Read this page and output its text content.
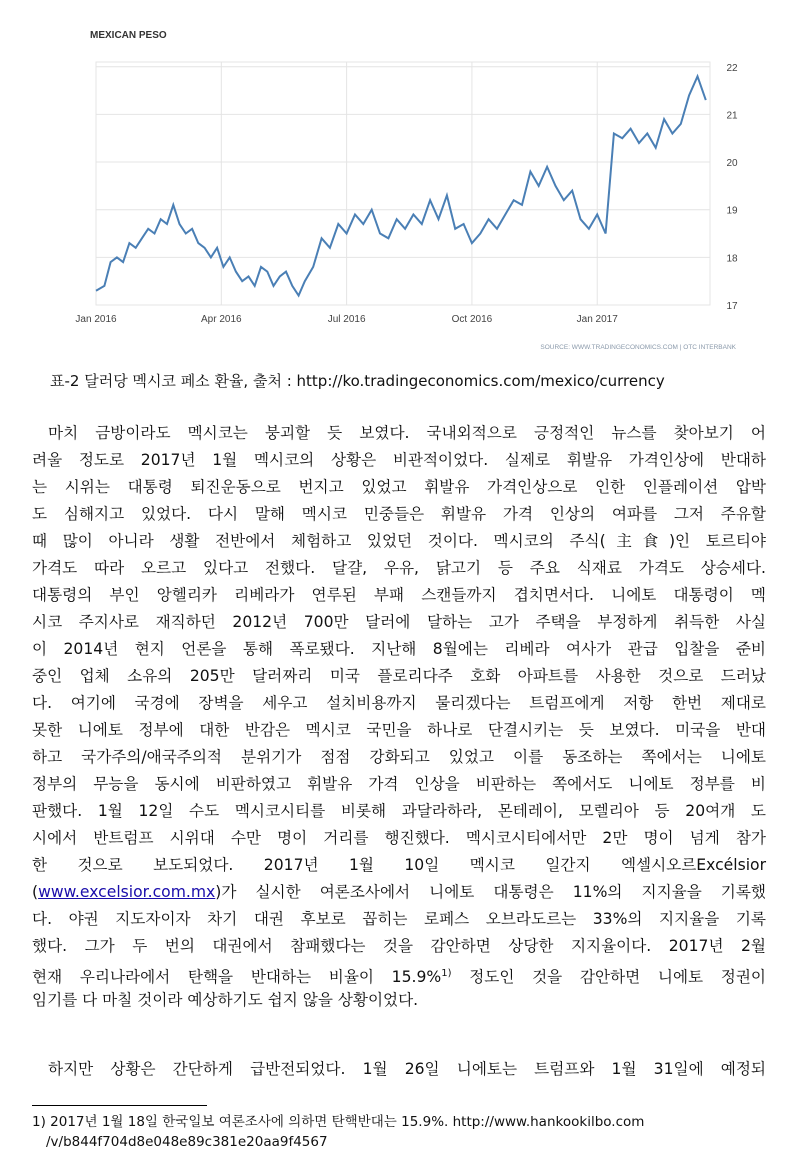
MEXICAN PESO
22
21
20
19
18
17
Jan 2016	Apr 2016	Jul 2016	Oct 2016	Jan 2017
SOURCE: WWW.TRADINGECONOMICS.COM | OTC INTERBANK
표-2 달러당 멕시코 페소 환율, 출처 : http://ko.tradingeconomics.com/mexico/currency
마치 금방이라도 멕시코는 붕괴할 듯 보였다. 국내외적으로 긍정적인 뉴스를 찾아보기 어
려울 정도로 2017년 1월 멕시코의 상황은 비관적이었다. 실제로 휘발유 가격인상에 반대하
는 시위는 대통령 퇴진운동으로 번지고 있었고 휘발유 가격인상으로 인한 인플레이션 압박
도 심해지고 있었다. 다시 말해 멕시코 민중들은 휘발유 가격 인상의 여파를 그저 주유할
때 많이 아니라 생활 전반에서 체험하고 있었던 것이다. 멕시코의 주식(主食)인 토르티야
가격도 따라 오르고 있다고 전했다. 달걀, 우유, 닭고기 등 주요 식재료 가격도 상승세다.
대통령의 부인 앙헬리카 리베라가 연루된 부패 스캔들까지 겹치면서다. 니에토 대통령이 멕
시코 주지사로 재직하던 2012년 700만 달러에 달하는 고가 주택을 부정하게 취득한 사실
이 2014년 현지 언론을 통해 폭로됐다. 지난해 8월에는 리베라 여사가 관급 입찰을 준비
중인 업체 소유의 205만 달러짜리 미국 플로리다주 호화 아파트를 사용한 것으로 드러났
다. 여기에 국경에 장벽을 세우고 설치비용까지 물리겠다는 트럼프에게 저항 한번 제대로
못한 니에토 정부에 대한 반감은 멕시코 국민을 하나로 단결시키는 듯 보였다. 미국을 반대
하고 국가주의/애국주의적 분위기가 점점 강화되고 있었고 이를 동조하는 쪽에서는 니에토
정부의 무능을 동시에 비판하였고 휘발유 가격 인상을 비판하는 쪽에서도 니에토 정부를 비
판했다. 1월 12일 수도 멕시코시티를 비롯해 과달라하라, 몬테레이, 모렐리아 등 20여개 도
시에서 반트럼프 시위대 수만 명이 거리를 행진했다. 멕시코시티에서만 2만 명이 넘게 참가
한 것으로 보도되었다. 2017년 1월 10일 멕시코 일간지 엑셀시오르Excélsior
(www.excelsior.com.mx)가 실시한 여론조사에서 니에토 대통령은 11%의 지지율을 기록했
다. 야권 지도자이자 차기 대권 후보로 꼽히는 로페스 오브라도르는 33%의 지지율을 기록
했다. 그가 두 번의 대권에서 참패했다는 것을 감안하면 상당한 지지율이다. 2017년 2월
현재 우리나라에서 탄핵을 반대하는 비율이 15.9%$^{1)}$ 정도인 것을 감안하면 니에토 정권이
임기를 다 마칠 것이라 예상하기도 쉽지 않을 상황이었다.
하지만 상황은 간단하게 급반전되었다. 1월 26일 니에토는 트럼프와 1월 31일에 예정되
1) 2017년 1월 18일 한국일보 여론조사에 의하면 탄핵반대는 15.9%. http://www.hankookilbo.com
/v/b844f704d8e048e89c381e20aa9f4567
